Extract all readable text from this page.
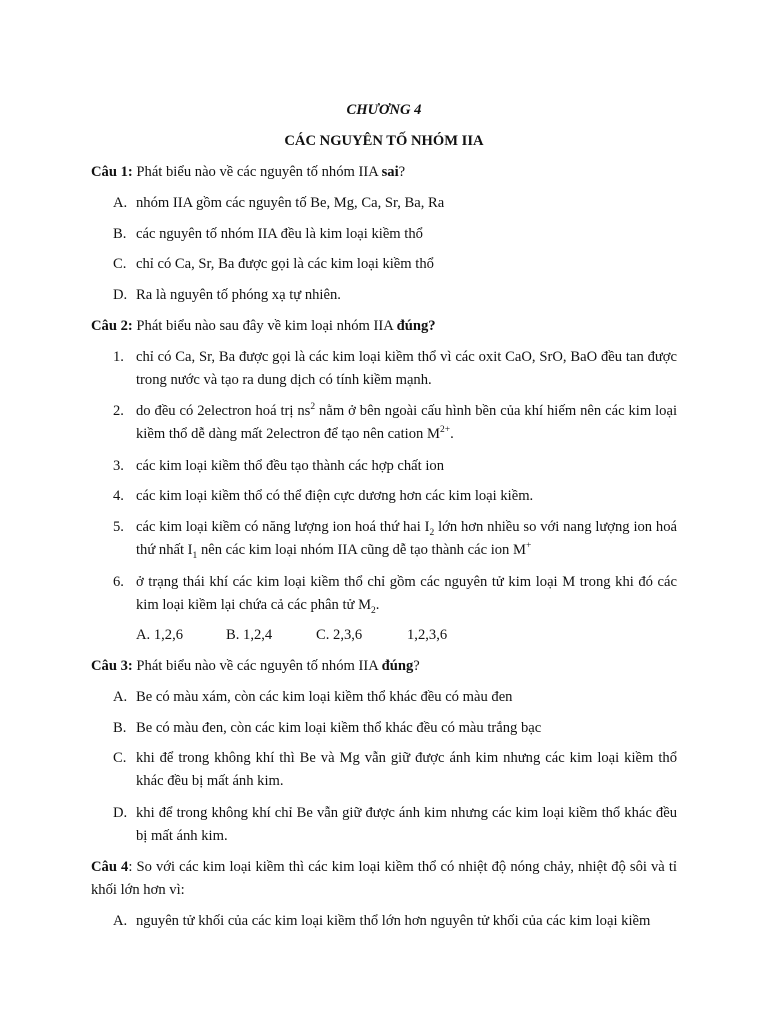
CHƯƠNG 4
CÁC NGUYÊN TỐ NHÓM IIA
Câu 1: Phát biểu nào về các nguyên tố nhóm IIA sai?
A. nhóm IIA gồm các nguyên tố Be, Mg, Ca, Sr, Ba, Ra
B. các nguyên tố nhóm IIA đều là kim loại kiềm thổ
C. chỉ có Ca, Sr, Ba được gọi là các kim loại kiềm thổ
D. Ra là nguyên tố phóng xạ tự nhiên.
Câu 2: Phát biểu nào sau đây về kim loại nhóm IIA đúng?
1. chỉ có Ca, Sr, Ba được gọi là các kim loại kiềm thổ vì các oxit CaO, SrO, BaO đều tan được trong nước và tạo ra dung dịch có tính kiềm mạnh.
2. do đều có 2electron hoá trị $ns^2$ nằm ở bên ngoài cấu hình bền của khí hiếm nên các kim loại kiềm thổ dễ dàng mất 2electron để tạo nên cation $M^{2+}$.
3. các kim loại kiềm thổ đều tạo thành các hợp chất ion
4. các kim loại kiềm thổ có thể điện cực dương hơn các kim loại kiềm.
5. các kim loại kiềm có năng lượng ion hoá thứ hai $I_2$ lớn hơn nhiều so với nang lượng ion hoá thứ nhất $I_1$ nên các kim loại nhóm IIA cũng dễ tạo thành các ion M+
6. ở trạng thái khí các kim loại kiềm thổ chỉ gồm các nguyên tử kim loại M trong khi đó các kim loại kiềm lại chứa cả các phân tử $M_2$.
A. 1,2,6	B. 1,2,4	C. 2,3,6	1,2,3,6
Câu 3: Phát biểu nào về các nguyên tố nhóm IIA đúng?
A. Be có màu xám, còn các kim loại kiềm thổ khác đều có màu đen
B. Be có màu đen, còn các kim loại kiềm thổ khác đều có màu trắng bạc
C. khi để trong không khí thì Be và Mg vẫn giữ được ánh kim nhưng các kim loại kiềm thổ khác đều bị mất ánh kim.
D. khi để trong không khí chỉ Be vẫn giữ được ánh kim nhưng các kim loại kiềm thổ khác đều bị mất ánh kim.
Câu 4: So với các kim loại kiềm thì các kim loại kiềm thổ có nhiệt độ nóng chảy, nhiệt độ sôi và tỉ khối lớn hơn vì:
A. nguyên tử khối của các kim loại kiềm thổ lớn hơn nguyên tử khối của các kim loại kiềm
